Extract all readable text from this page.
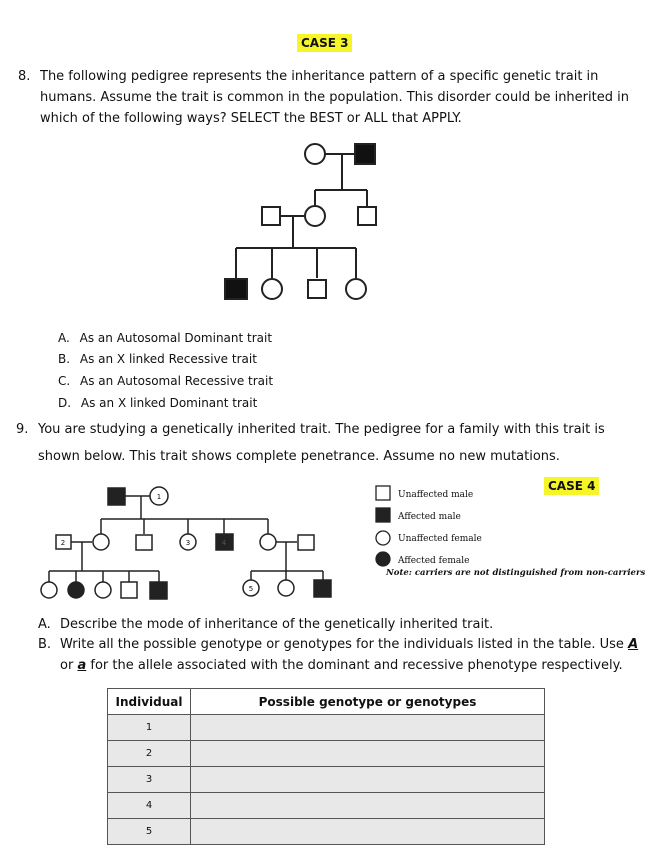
CASE 3
8. The following pedigree represents the inheritance pattern of a specific genetic trait in humans. Assume the trait is common in the population. This disorder could be inherited in which of the following ways? SELECT the BEST or ALL that APPLY.
A. As an Autosomal Dominant trait
B. As an X linked Recessive trait
C. As an Autosomal Recessive trait
D. As an X linked Dominant trait
9. You are studying a genetically inherited trait. The pedigree for a family with this trait is shown below. This trait shows complete penetrance. Assume no new mutations.
CASE 4
1
2	3	4
5
Unaffected male
Affected male
Unaffected female
Affected female
Note: carriers are not distinguished from non-carriers
A. Describe the mode of inheritance of the genetically inherited trait.
B. Write all the possible genotype or genotypes for the individuals listed in the table. Use A or a for the allele associated with the dominant and recessive phenotype respectively.
Individual	Possible genotype or genotypes
1	
2	
3	
4	
5	
